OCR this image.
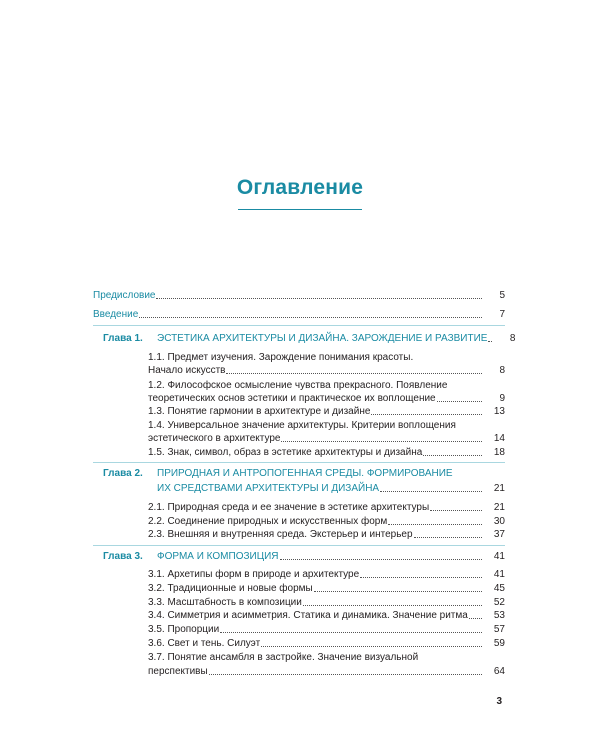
Оглавление
Предисловие	5
Введение	7
Глава 1. ЭСТЕТИКА АРХИТЕКТУРЫ И ДИЗАЙНА. ЗАРОЖДЕНИЕ И РАЗВИТИЕ	8
1.1. Предмет изучения. Зарождение понимания красоты.
Начало искусств	8
1.2. Философское осмысление чувства прекрасного. Появление
теоретических основ эстетики и практическое их воплощение	9
1.3. Понятие гармонии в архитектуре и дизайне	13
1.4. Универсальное значение архитектуры. Критерии воплощения
эстетического в архитектуре	14
1.5. Знак, символ, образ в эстетике архитектуры и дизайна	18
Глава 2. ПРИРОДНАЯ И АНТРОПОГЕННАЯ СРЕДЫ. ФОРМИРОВАНИЕ
ИХ СРЕДСТВАМИ АРХИТЕКТУРЫ И ДИЗАЙНА	21
2.1. Природная среда и ее значение в эстетике архитектуры	21
2.2. Соединение природных и искусственных форм	30
2.3. Внешняя и внутренняя среда. Экстерьер и интерьер	37
Глава 3. ФОРМА И КОМПОЗИЦИЯ	41
3.1. Архетипы форм в природе и архитектуре	41
3.2. Традиционные и новые формы	45
3.3. Масштабность в композиции	52
3.4. Симметрия и асимметрия. Статика и динамика. Значение ритма	53
3.5. Пропорции	57
3.6. Свет и тень. Силуэт	59
3.7. Понятие ансамбля в застройке. Значение визуальной
перспективы	64
3
